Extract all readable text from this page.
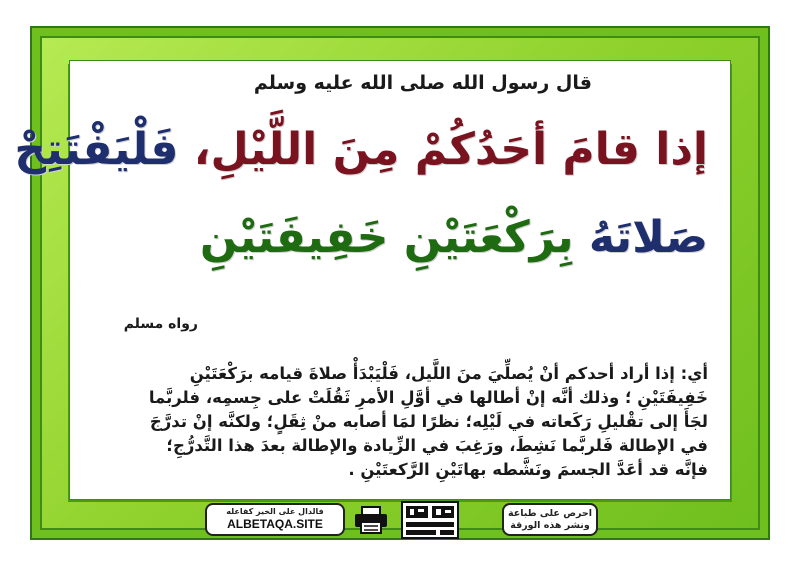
قال رسول الله صلى الله عليه وسلم
إذا قامَ أحَدُكُمْ مِنَ اللَّيْلِ، فَلْيَفْتَتِحْ
صَلاتَهُ بِرَكْعَتَيْنِ خَفِيفَتَيْنِ
رواه مسلم

أي: إذا أراد أحدكم أنْ يُصلِّيَ منَ اللَّيل، فَلْيَبْدَأْ صلاةَ قيامه برَكْعَتَيْنِ

خَفِيفَتَيْنِ ؛ وذلك أنَّه إنْ أطالها في أوَّلِ الأمرِ ثَقُلَتْ على جِسمِه، فلربَّما

لجَأَ إلى تقْليلِ رَكَعاته في لَيْلِه؛ نظرًا لمَا أصابه منْ ثِقَلٍ؛ ولكنَّه إنْ تدرَّجَ

في الإطالة فَلربَّما نَشِطَ، ورَغِبَ في الزِّيادة والإطالة بعدَ هذا التَّدرُّجِ؛

فإنَّه قد أعَدَّ الجسمَ ونَشَّطه بهاتَيْنِ الرَّكعتَيْنِ .

فالدال على الخير كفاعله
ALBETAQA.SITE
احرص على طباعة
ونشر هذه الورقة
